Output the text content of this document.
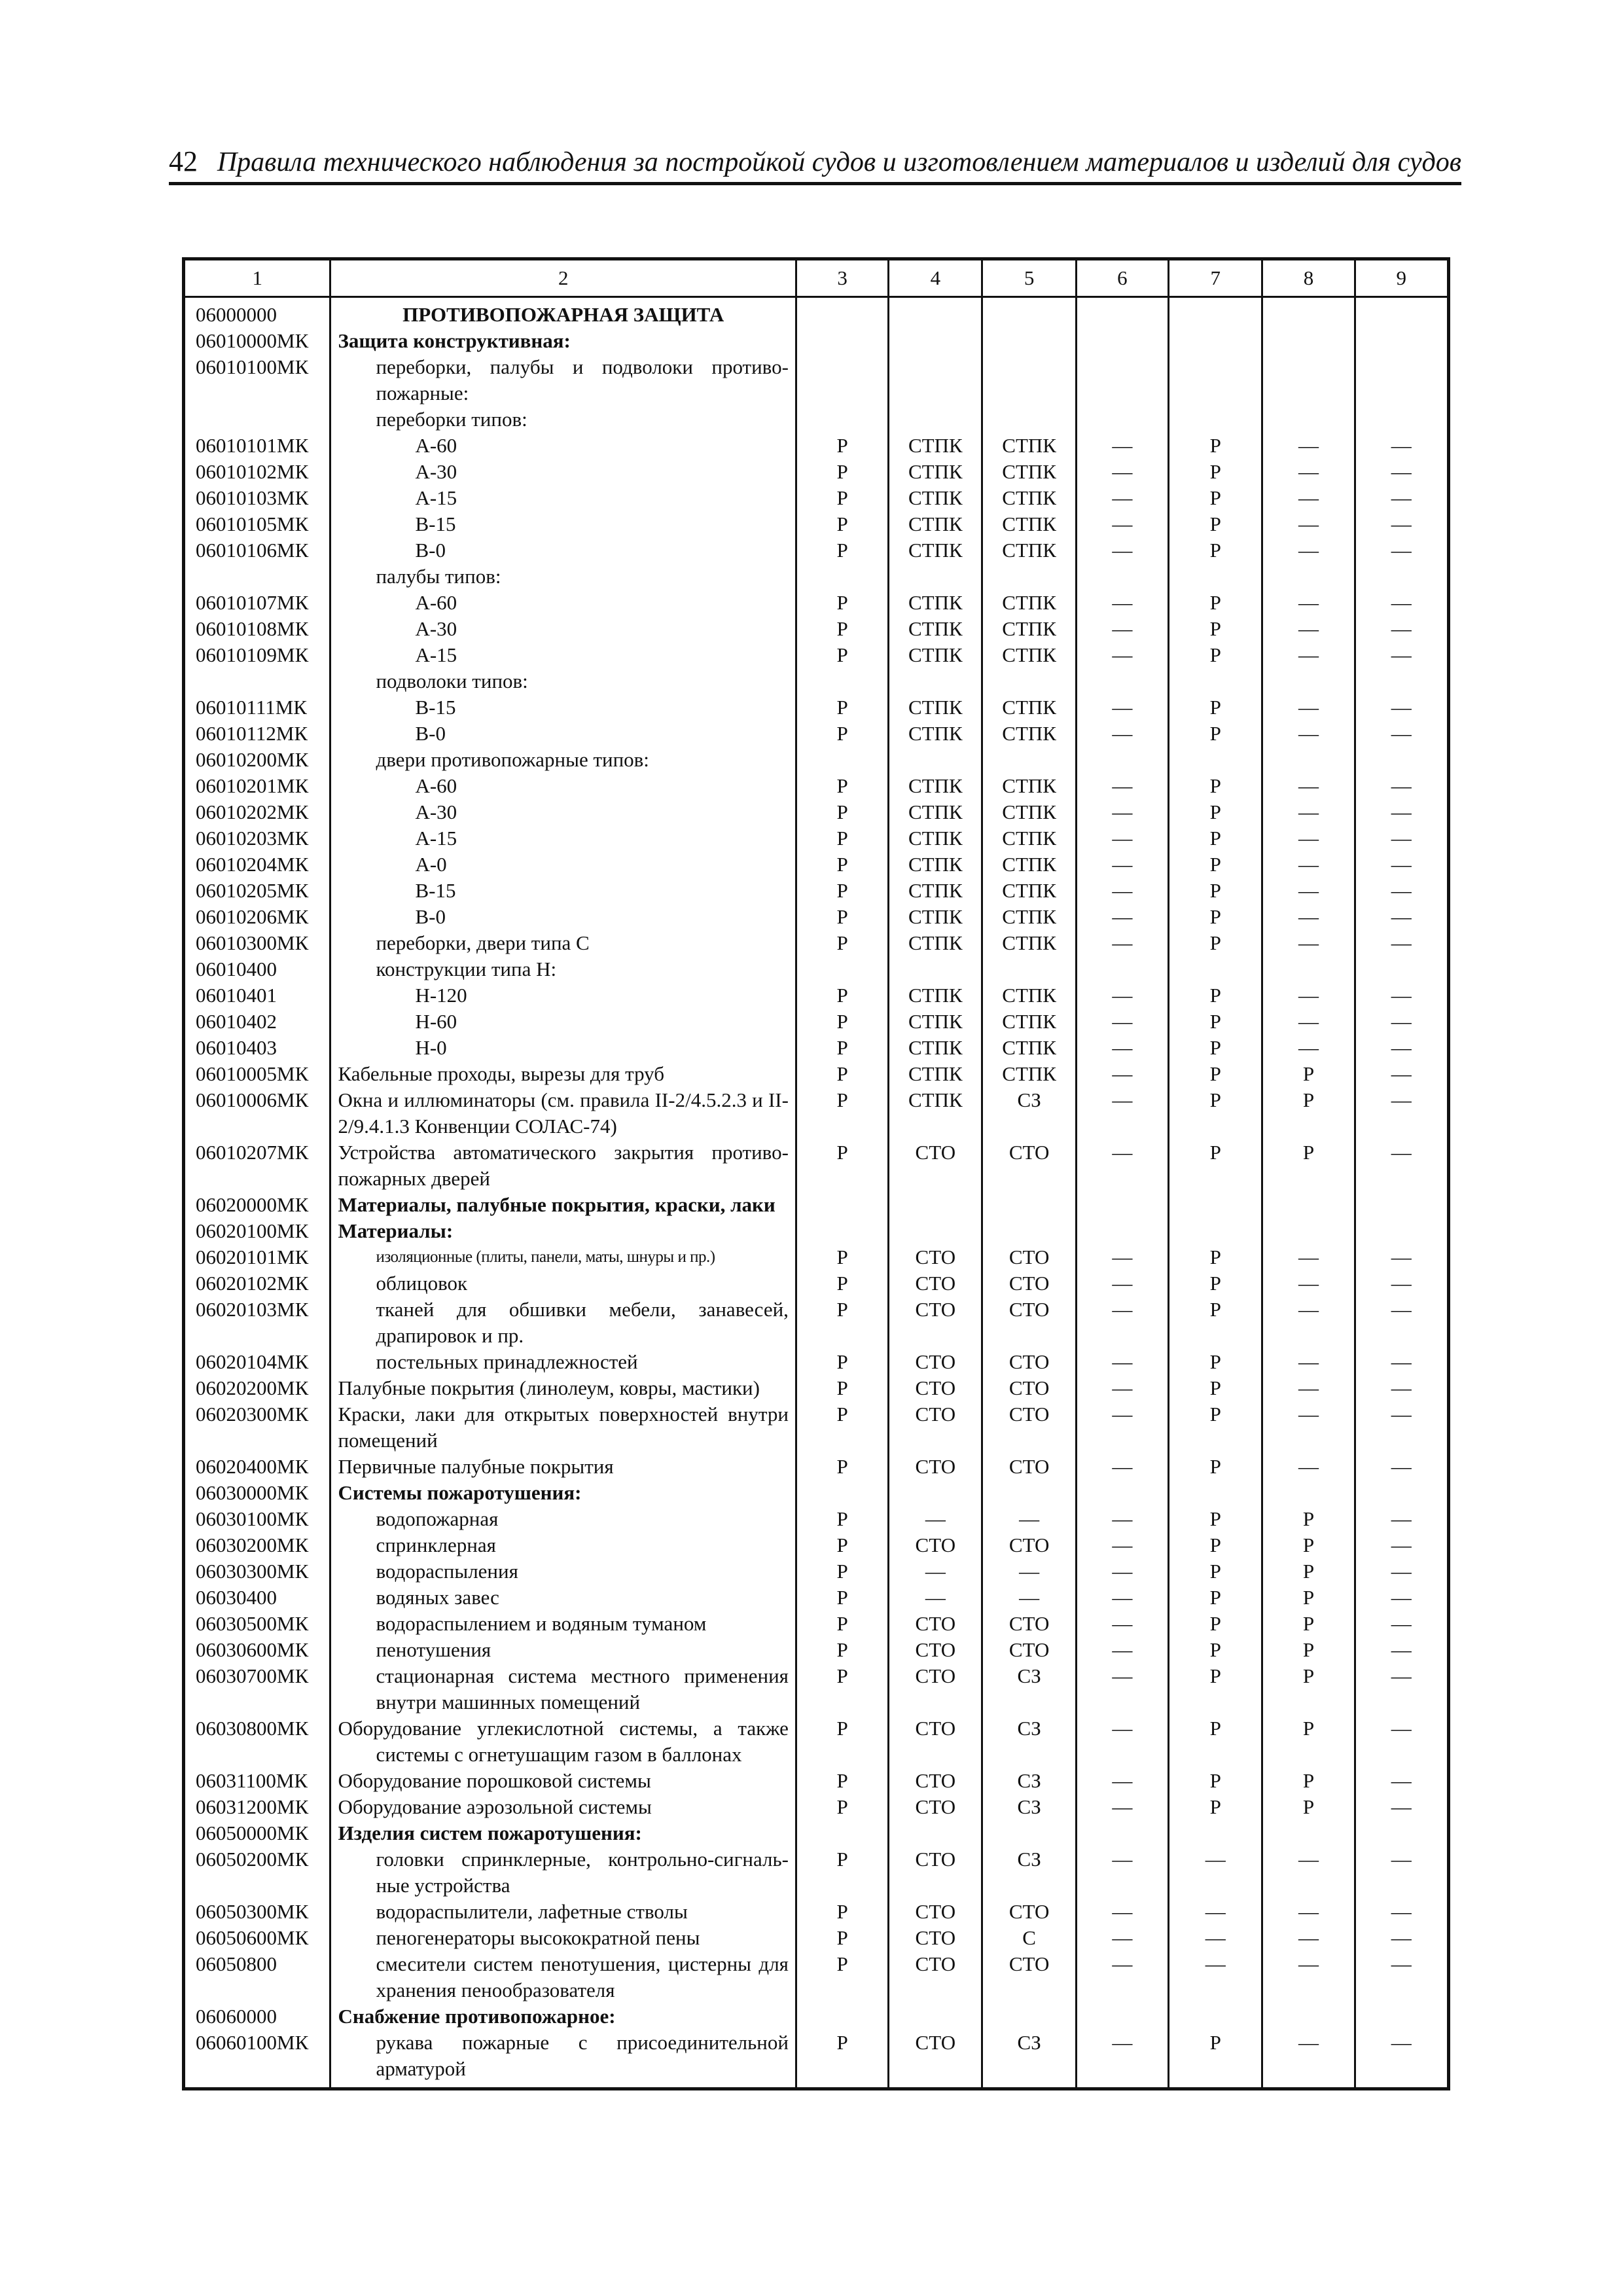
42 Правила технического наблюдения за постройкой судов и изготовлением материалов и изделий для судов
1	2	3	4	5	6	7	8	9
06000000	ПРОТИВОПОЖАРНАЯ ЗАЩИТА							

06010000МК	Защита конструктивная:							

06010100МК	переборки, палубы и подволоки противо-пожарные:							

	переборки типов:							

06010101МК	А-60	Р	СТПК	СТПК	—	Р	—	—
06010102МК	А-30	Р	СТПК	СТПК	—	Р	—	—
06010103МК	А-15	Р	СТПК	СТПК	—	Р	—	—
06010105МК	В-15	Р	СТПК	СТПК	—	Р	—	—
06010106МК	В-0	Р	СТПК	СТПК	—	Р	—	—

	палубы типов:							

06010107МК	А-60	Р	СТПК	СТПК	—	Р	—	—
06010108МК	А-30	Р	СТПК	СТПК	—	Р	—	—
06010109МК	А-15	Р	СТПК	СТПК	—	Р	—	—

	подволоки типов:							

06010111МК	В-15	Р	СТПК	СТПК	—	Р	—	—
06010112МК	В-0	Р	СТПК	СТПК	—	Р	—	—
06010200МК	двери противопожарные типов:							

06010201МК	А-60	Р	СТПК	СТПК	—	Р	—	—
06010202МК	А-30	Р	СТПК	СТПК	—	Р	—	—
06010203МК	А-15	Р	СТПК	СТПК	—	Р	—	—
06010204МК	А-0	Р	СТПК	СТПК	—	Р	—	—
06010205МК	В-15	Р	СТПК	СТПК	—	Р	—	—
06010206МК	В-0	Р	СТПК	СТПК	—	Р	—	—
06010300МК	переборки, двери типа С	Р	СТПК	СТПК	—	Р	—	—
06010400	конструкции типа Н:							

06010401	Н-120	Р	СТПК	СТПК	—	Р	—	—
06010402	Н-60	Р	СТПК	СТПК	—	Р	—	—
06010403	Н-0	Р	СТПК	СТПК	—	Р	—	—
06010005МК	Кабельные проходы, вырезы для труб	Р	СТПК	СТПК	—	Р	Р	—
06010006МК	Окна и иллюминаторы (см. правила II-2/4.5.2.3 и II-2/9.4.1.3 Конвенции СОЛАС-74)	Р	СТПК	СЗ	—	Р	Р	—
06010207МК	Устройства автоматического закрытия противо-пожарных дверей	Р	СТО	СТО	—	Р	Р	—
06020000МК	Материалы, палубные покрытия, краски, лаки							

06020100МК	Материалы:							

06020101МК	изоляционные (плиты, панели, маты, шнуры и пр.)	Р	СТО	СТО	—	Р	—	—
06020102МК	облицовок	Р	СТО	СТО	—	Р	—	—
06020103МК	тканей для обшивки мебели, занавесей, драпировок и пр.	Р	СТО	СТО	—	Р	—	—
06020104МК	постельных принадлежностей	Р	СТО	СТО	—	Р	—	—
06020200МК	Палубные покрытия (линолеум, ковры, мастики)	Р	СТО	СТО	—	Р	—	—
06020300МК	Краски, лаки для открытых поверхностей внутри помещений	Р	СТО	СТО	—	Р	—	—
06020400МК	Первичные палубные покрытия	Р	СТО	СТО	—	Р	—	—
06030000МК	Системы пожаротушения:							

06030100МК	водопожарная	Р	—	—	—	Р	Р	—
06030200МК	спринклерная	Р	СТО	СТО	—	Р	Р	—
06030300МК	водораспыления	Р	—	—	—	Р	Р	—
06030400	водяных завес	Р	—	—	—	Р	Р	—
06030500МК	водораспылением и водяным туманом	Р	СТО	СТО	—	Р	Р	—
06030600МК	пенотушения	Р	СТО	СТО	—	Р	Р	—
06030700МК	стационарная система местного применения внутри машинных помещений	Р	СТО	СЗ	—	Р	Р	—
06030800МК	Оборудование углекислотной системы, а также системы с огнетушащим газом в баллонах	Р	СТО	СЗ	—	Р	Р	—
06031100МК	Оборудование порошковой системы	Р	СТО	СЗ	—	Р	Р	—
06031200МК	Оборудование аэрозольной системы	Р	СТО	СЗ	—	Р	Р	—
06050000МК	Изделия систем пожаротушения:							

06050200МК	головки спринклерные, контрольно-сигналь-ные устройства	Р	СТО	СЗ	—	—	—	—
06050300МК	водораспылители, лафетные стволы	Р	СТО	СТО	—	—	—	—
06050600МК	пеногенераторы высокократной пены	Р	СТО	С	—	—	—	—
06050800	смесители систем пенотушения, цистерны для хранения пенообразователя	Р	СТО	СТО	—	—	—	—
06060000	Снабжение противопожарное:							

06060100МК	рукава пожарные с присоединительной арматурой	Р	СТО	СЗ	—	Р	—	—
